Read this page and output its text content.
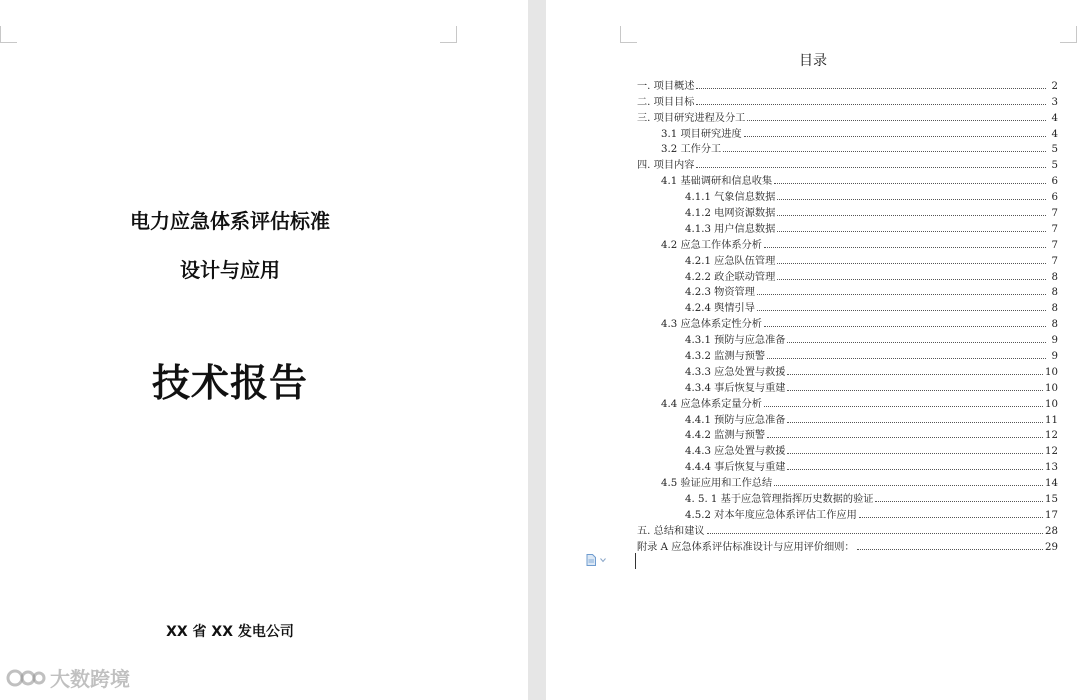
电力应急体系评估标准
设计与应用
技术报告
XX 省 XX 发电公司
大数跨境
目录
一. 项目概述	2
二. 项目目标	3
三. 项目研究进程及分工	4
3.1 项目研究进度	4
3.2 工作分工	5
四. 项目内容	5
4.1 基础调研和信息收集	6
4.1.1 气象信息数据	6
4.1.2 电网资源数据	7
4.1.3 用户信息数据	7
4.2 应急工作体系分析	7
4.2.1 应急队伍管理	7
4.2.2 政企联动管理	8
4.2.3 物资管理	8
4.2.4 舆情引导	8
4.3 应急体系定性分析	8
4.3.1 预防与应急准备	9
4.3.2 监测与预警	9
4.3.3 应急处置与救援	10
4.3.4 事后恢复与重建	10
4.4 应急体系定量分析	10
4.4.1 预防与应急准备	11
4.4.2 监测与预警	12
4.4.3 应急处置与救援	12
4.4.4 事后恢复与重建	13
4.5 验证应用和工作总结	14
4. 5. 1 基于应急管理指挥历史数据的验证	15
4.5.2 对本年度应急体系评估工作应用	17
五. 总结和建议	28
附录 A 应急体系评估标准设计与应用评价细则：	29
